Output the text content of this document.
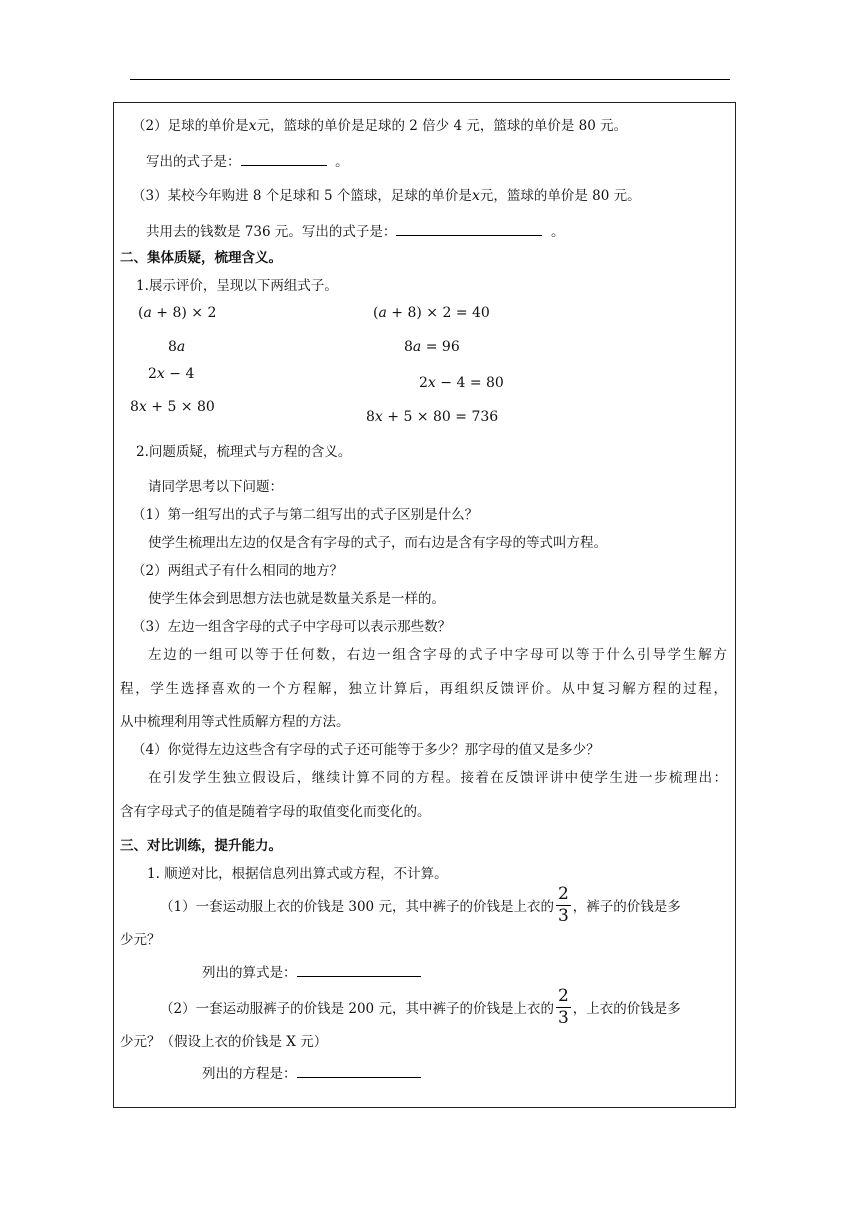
（2）足球的单价是x元，篮球的单价是足球的 2 倍少 4 元，篮球的单价是 80 元。
写出的式子是：	。
（3）某校今年购进 8 个足球和 5 个篮球，足球的单价是x元，篮球的单价是 80 元。
共用去的钱数是 736 元。写出的式子是：	。
二、集体质疑，梳理含义。
1.展示评价，呈现以下两组式子。
(a + 8) × 2
8a
2x − 4
8x + 5 × 80
(a + 8) × 2 = 40
8a = 96
2x − 4 = 80
8x + 5 × 80 = 736
2.问题质疑，梳理式与方程的含义。
请同学思考以下问题：
（1）第一组写出的式子与第二组写出的式子区别是什么？
使学生梳理出左边的仅是含有字母的式子，而右边是含有字母的等式叫方程。
（2）两组式子有什么相同的地方？
使学生体会到思想方法也就是数量关系是一样的。
（3）左边一组含字母的式子中字母可以表示那些数？
左边的一组可以等于任何数，右边一组含字母的式子中字母可以等于什么引导学生解方
程，学生选择喜欢的一个方程解，独立计算后，再组织反馈评价。从中复习解方程的过程，
从中梳理利用等式性质解方程的方法。
（4）你觉得左边这些含有字母的式子还可能等于多少？那字母的值又是多少？
在引发学生独立假设后，继续计算不同的方程。接着在反馈评讲中使学生进一步梳理出：
含有字母式子的值是随着字母的取值变化而变化的。
三、对比训练，提升能力。
1. 顺逆对比，根据信息列出算式或方程，不计算。
（1）一套运动服上衣的价钱是 300 元，其中裤子的价钱是上衣的 $\frac{2}{3}$ ，裤子的价钱是多
少元？
列出的算式是：
（2）一套运动服裤子的价钱是 200 元，其中裤子的价钱是上衣的 $\frac{2}{3}$ ，上衣的价钱是多
少元？（假设上衣的价钱是 X 元）
列出的方程是：
